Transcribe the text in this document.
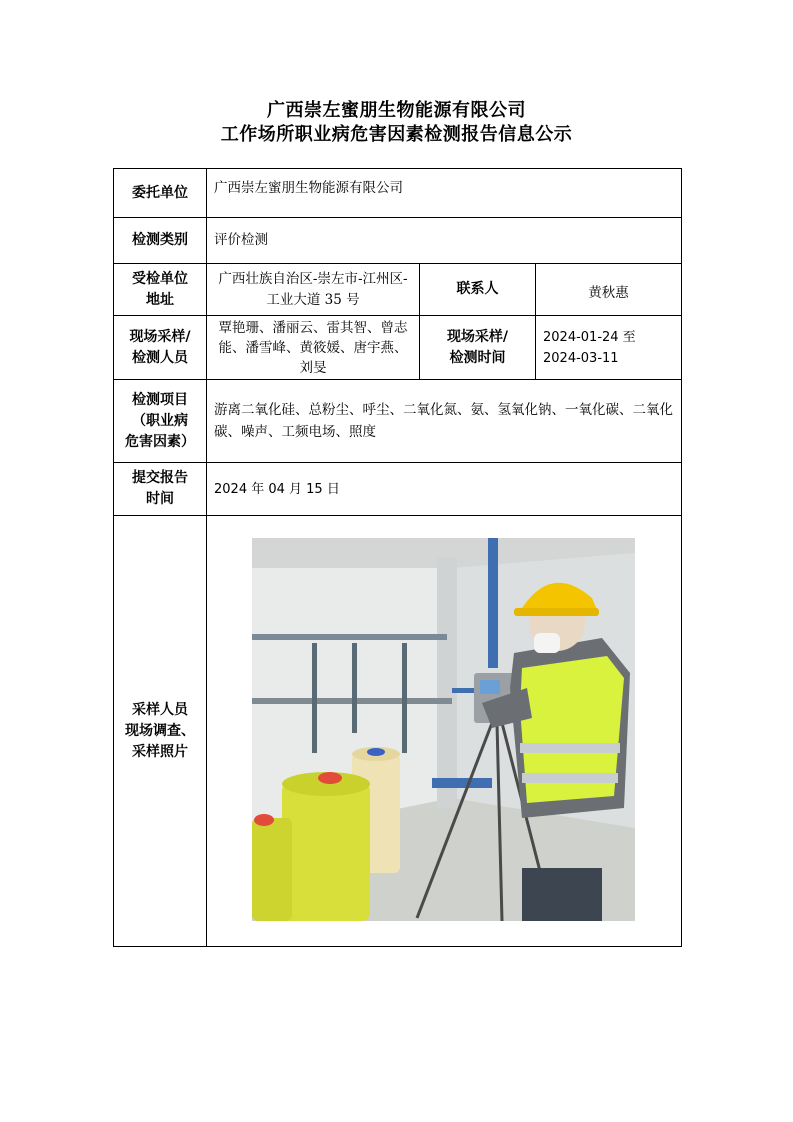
广西崇左蜜朋生物能源有限公司
工作场所职业病危害因素检测报告信息公示
委托单位 广西崇左蜜朋生物能源有限公司
检测类别 评价检测
受检单位
地址
广西壮族自治区-崇左市-江州区-工业大道 35 号
联系人	黄秋惠
现场采样/
检测人员
覃艳珊、潘丽云、雷其智、曾志能、潘雪峰、黄筱媛、唐宇燕、刘旻
现场采样/
检测时间
2024-01-24 至
2024-03-11
检测项目
（职业病
危害因素）
游离二氧化硅、总粉尘、呼尘、二氧化氮、氨、氢氧化钠、一氧化碳、二氧化碳、噪声、工频电场、照度
提交报告
时间
2024 年 04 月 15 日
采样人员
现场调查、
采样照片
